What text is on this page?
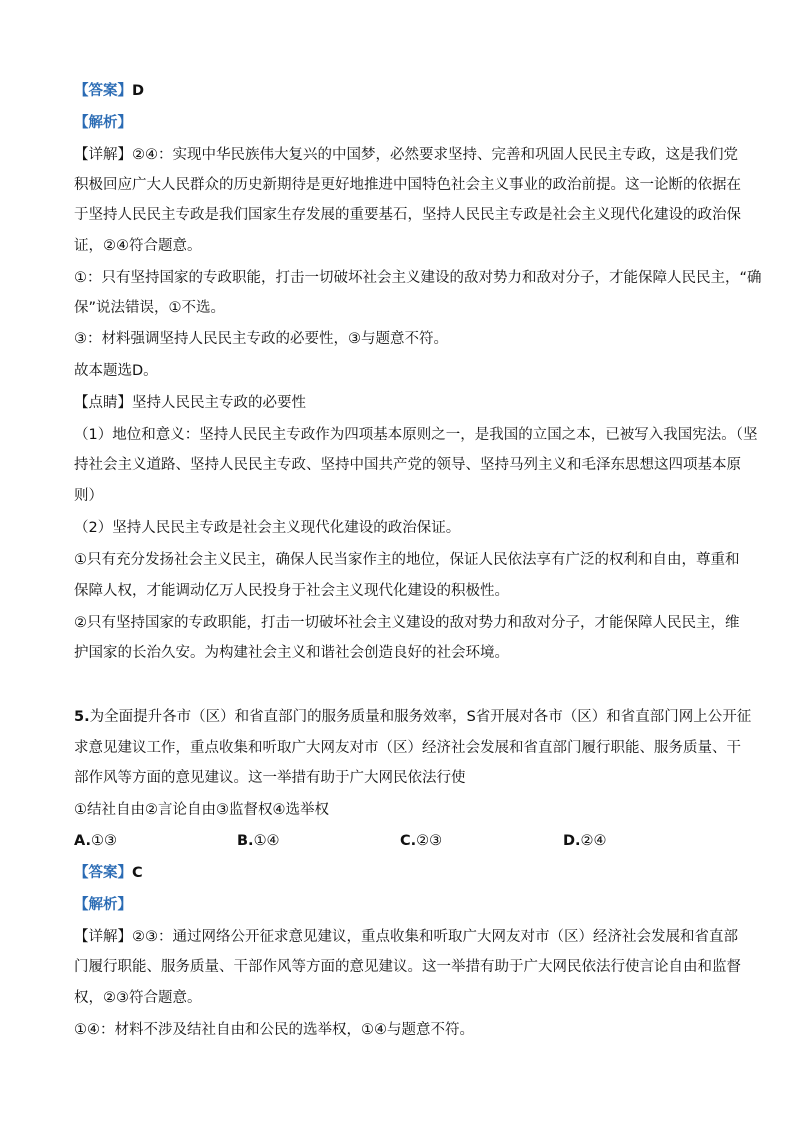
【答案】D

【解析】

【详解】②④：实现中华民族伟大复兴的中国梦，必然要求坚持、完善和巩固人民民主专政，这是我们党

积极回应广大人民群众的历史新期待是更好地推进中国特色社会主义事业的政治前提。这一论断的依据在

于坚持人民民主专政是我们国家生存发展的重要基石，坚持人民民主专政是社会主义现代化建设的政治保

证，②④符合题意。

①：只有坚持国家的专政职能，打击一切破坏社会主义建设的敌对势力和敌对分子，才能保障人民民主，“确

保”说法错误，①不选。

③：材料强调坚持人民民主专政的必要性，③与题意不符。

故本题选D。

【点睛】坚持人民民主专政的必要性

（1）地位和意义：坚持人民民主专政作为四项基本原则之一，是我国的立国之本，已被写入我国宪法。（坚

持社会主义道路、坚持人民民主专政、坚持中国共产党的领导、坚持马列主义和毛泽东思想这四项基本原

则）

（2）坚持人民民主专政是社会主义现代化建设的政治保证。

①只有充分发扬社会主义民主，确保人民当家作主的地位，保证人民依法享有广泛的权利和自由，尊重和

保障人权，才能调动亿万人民投身于社会主义现代化建设的积极性。

②只有坚持国家的专政职能，打击一切破坏社会主义建设的敌对势力和敌对分子，才能保障人民民主，维

护国家的长治久安。为构建社会主义和谐社会创造良好的社会环境。

5.为全面提升各市（区）和省直部门的服务质量和服务效率，S省开展对各市（区）和省直部门网上公开征

求意见建议工作，重点收集和听取广大网友对市（区）经济社会发展和省直部门履行职能、服务质量、干

部作风等方面的意见建议。这一举措有助于广大网民依法行使

①结社自由②言论自由③监督权④选举权

A.①③	B.①④	C.②③	D.②④

【答案】C

【解析】

【详解】②③：通过网络公开征求意见建议，重点收集和听取广大网友对市（区）经济社会发展和省直部

门履行职能、服务质量、干部作风等方面的意见建议。这一举措有助于广大网民依法行使言论自由和监督

权，②③符合题意。

①④：材料不涉及结社自由和公民的选举权，①④与题意不符。
